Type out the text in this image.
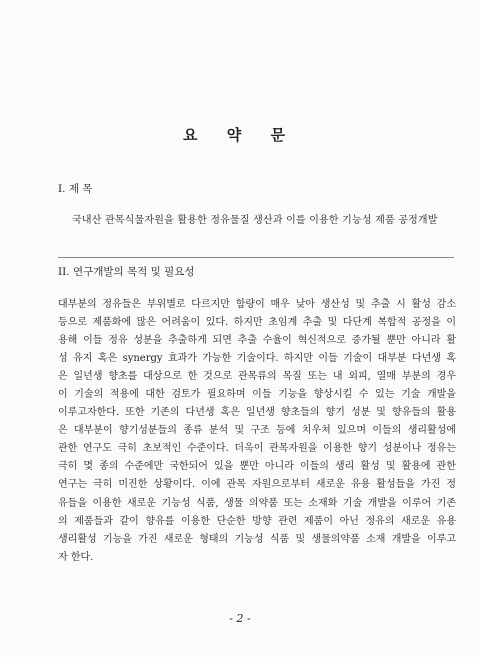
요 약 문
I. 제 목
국내산 관목식물자원을 활용한 정유물질 생산과 이를 이용한 기능성 제품 공정개발
II. 연구개발의 목적 및 필요성
대부분의 정유들은 부위별로 다르지만 함량이 매우 낮아 생산성 및 추출 시 활성 감소
등으로 제품화에 많은 어려움이 있다. 하지만 초임계 추출 및 다단계 복합적 공정을 이
용해 이들 정유 성분을 추출하게 되면 추출 수율이 혁신적으로 증가될 뿐만 아니라 활
성 유지 혹은 synergy 효과가 가능한 기술이다. 하지만 이들 기술이 대부분 다년생 혹
은 일년생 향초를 대상으로 한 것으로 관목류의 목질 또는 내 외피, 열매 부분의 경우
이 기술의 적용에 대한 검토가 필요하며 이들 기능을 향상시킬 수 있는 기술 개발을
이루고자한다. 또한 기존의 다년생 혹은 일년생 향초들의 향기 성분 및 향유들의 활용
은 대부분이 향기성분들의 종류 분석 및 구조 등에 치우쳐 있으며 이들의 생리활성에
관한 연구도 극히 초보적인 수준이다. 더욱이 관목자원을 이용한 향기 성분이나 정유는
극히 몇 종의 수준에만 국한되어 있을 뿐만 아니라 이들의 생리 활성 및 활용에 관한
연구는 극히 미진한 상황이다. 이에 관목 자원으로부터 새로운 유용 활성들을 가진 정
유들을 이용한 새로운 기능성 식품, 생물 의약품 또는 소재화 기술 개발을 이루어 기존
의 제품들과 같이 향유를 이용한 단순한 방향 관련 제품이 아닌 정유의 새로운 유용
생리활성 기능을 가진 새로운 형태의 기능성 식품 및 생물의약품 소재 개발을 이루고
자 한다.
- 2 -
